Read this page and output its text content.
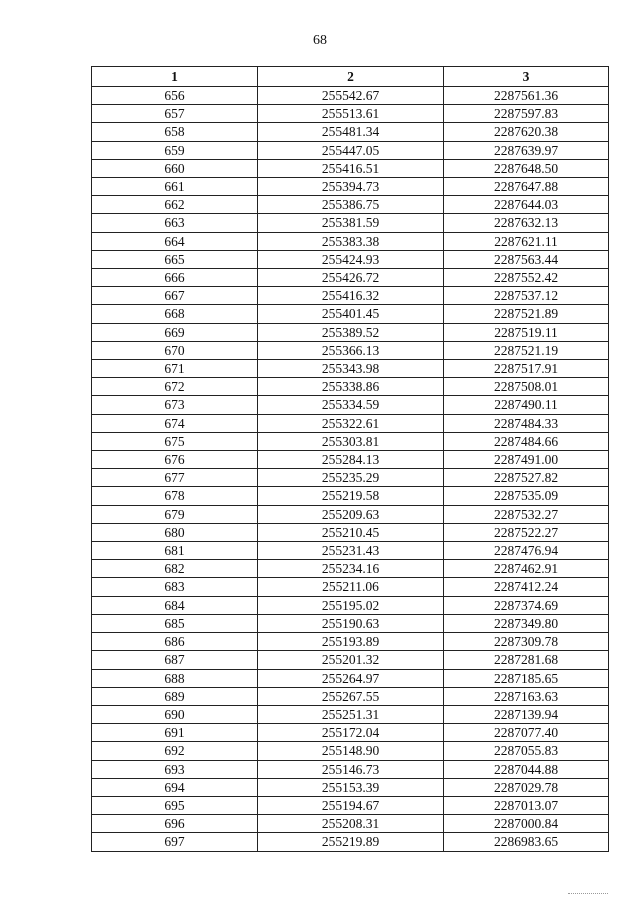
68
1	2	3
656	255542.67	2287561.36
657	255513.61	2287597.83
658	255481.34	2287620.38
659	255447.05	2287639.97
660	255416.51	2287648.50
661	255394.73	2287647.88
662	255386.75	2287644.03
663	255381.59	2287632.13
664	255383.38	2287621.11
665	255424.93	2287563.44
666	255426.72	2287552.42
667	255416.32	2287537.12
668	255401.45	2287521.89
669	255389.52	2287519.11
670	255366.13	2287521.19
671	255343.98	2287517.91
672	255338.86	2287508.01
673	255334.59	2287490.11
674	255322.61	2287484.33
675	255303.81	2287484.66
676	255284.13	2287491.00
677	255235.29	2287527.82
678	255219.58	2287535.09
679	255209.63	2287532.27
680	255210.45	2287522.27
681	255231.43	2287476.94
682	255234.16	2287462.91
683	255211.06	2287412.24
684	255195.02	2287374.69
685	255190.63	2287349.80
686	255193.89	2287309.78
687	255201.32	2287281.68
688	255264.97	2287185.65
689	255267.55	2287163.63
690	255251.31	2287139.94
691	255172.04	2287077.40
692	255148.90	2287055.83
693	255146.73	2287044.88
694	255153.39	2287029.78
695	255194.67	2287013.07
696	255208.31	2287000.84
697	255219.89	2286983.65
